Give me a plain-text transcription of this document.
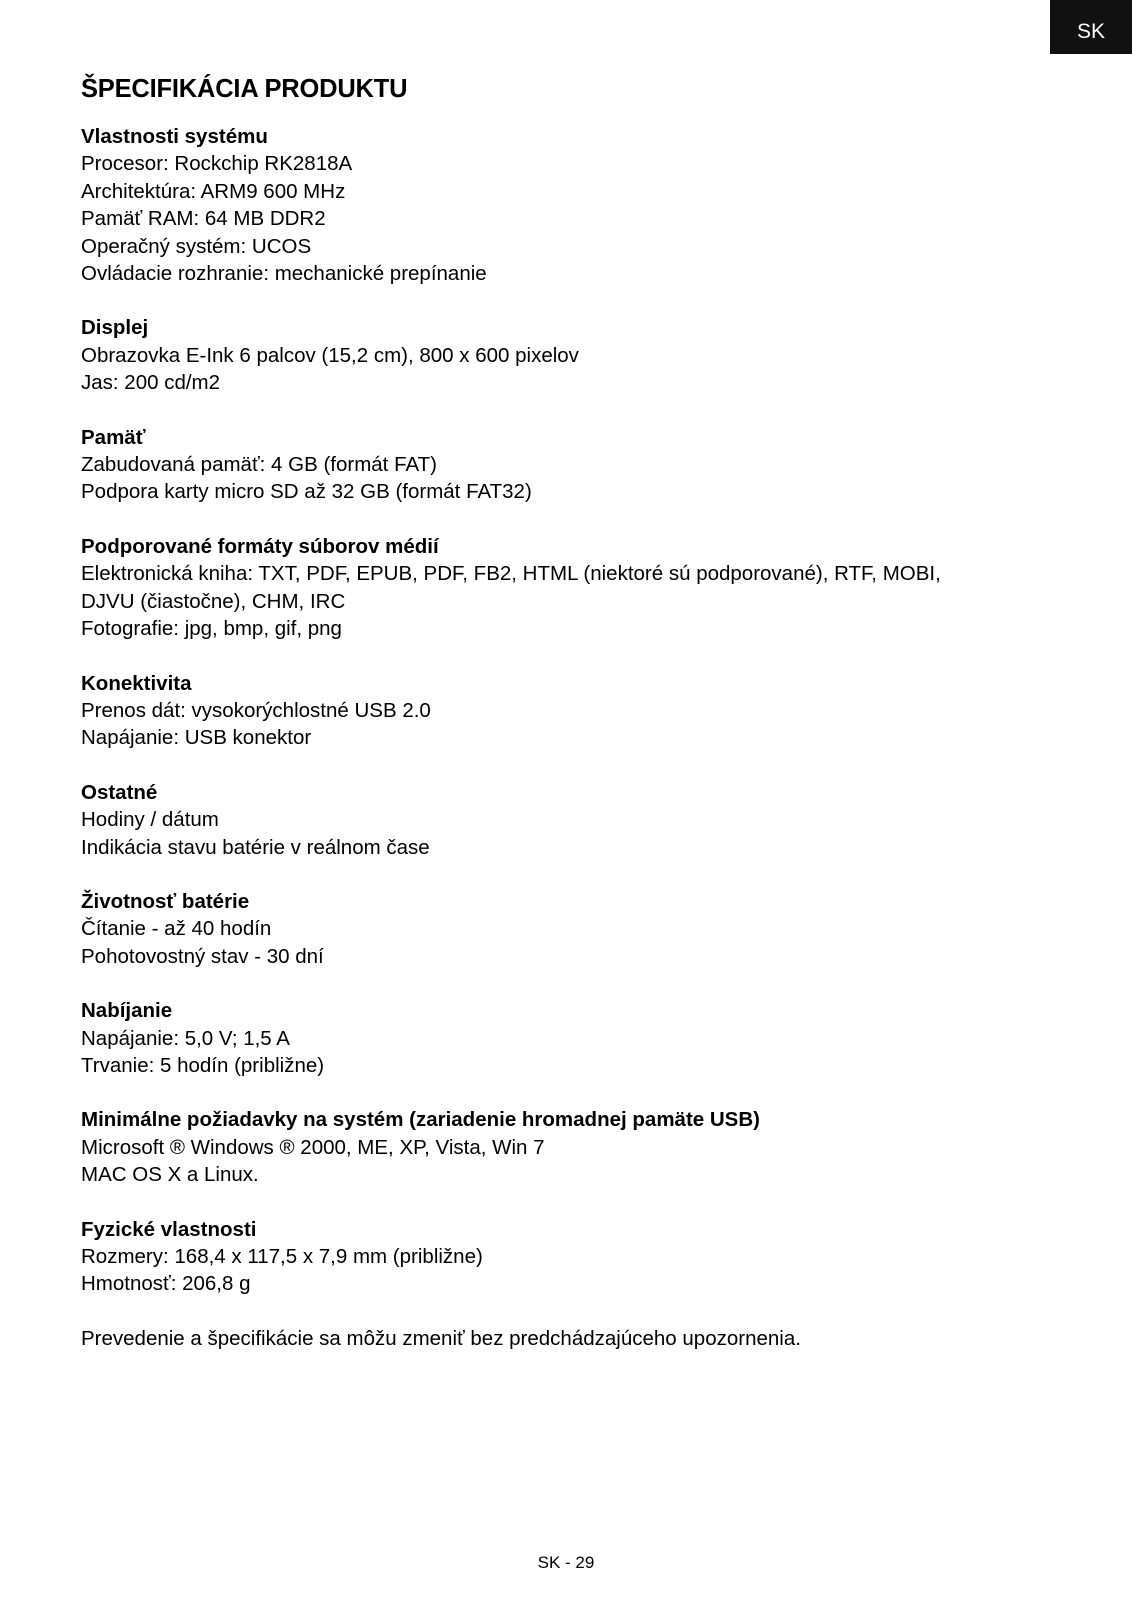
SK
ŠPECIFIKÁCIA PRODUKTU
Vlastnosti systému
Procesor: Rockchip RK2818A
Architektúra: ARM9 600 MHz
Pamäť RAM: 64 MB DDR2
Operačný systém: UCOS
Ovládacie rozhranie: mechanické prepínanie
Displej
Obrazovka E-Ink 6 palcov (15,2 cm), 800 x 600 pixelov
Jas: 200 cd/m2
Pamäť
Zabudovaná pamäť: 4 GB (formát FAT)
Podpora karty micro SD až 32 GB (formát FAT32)
Podporované formáty súborov médií
Elektronická kniha: TXT, PDF, EPUB, PDF, FB2, HTML (niektoré sú podporované), RTF, MOBI,
DJVU (čiastočne), CHM, IRC
Fotografie: jpg, bmp, gif, png
Konektivita
Prenos dát: vysokorýchlostné USB 2.0
Napájanie: USB konektor
Ostatné
Hodiny / dátum
Indikácia stavu batérie v reálnom čase
Životnosť batérie
Čítanie - až 40 hodín
Pohotovostný stav - 30 dní
Nabíjanie
Napájanie: 5,0 V; 1,5 A
Trvanie: 5 hodín (približne)
Minimálne požiadavky na systém (zariadenie hromadnej pamäte USB)
Microsoft ® Windows ® 2000, ME, XP, Vista, Win 7
MAC OS X a Linux.
Fyzické vlastnosti
Rozmery: 168,4 x 117,5 x 7,9 mm (približne)
Hmotnosť: 206,8 g
Prevedenie a špecifikácie sa môžu zmeniť bez predchádzajúceho upozornenia.
SK - 29
